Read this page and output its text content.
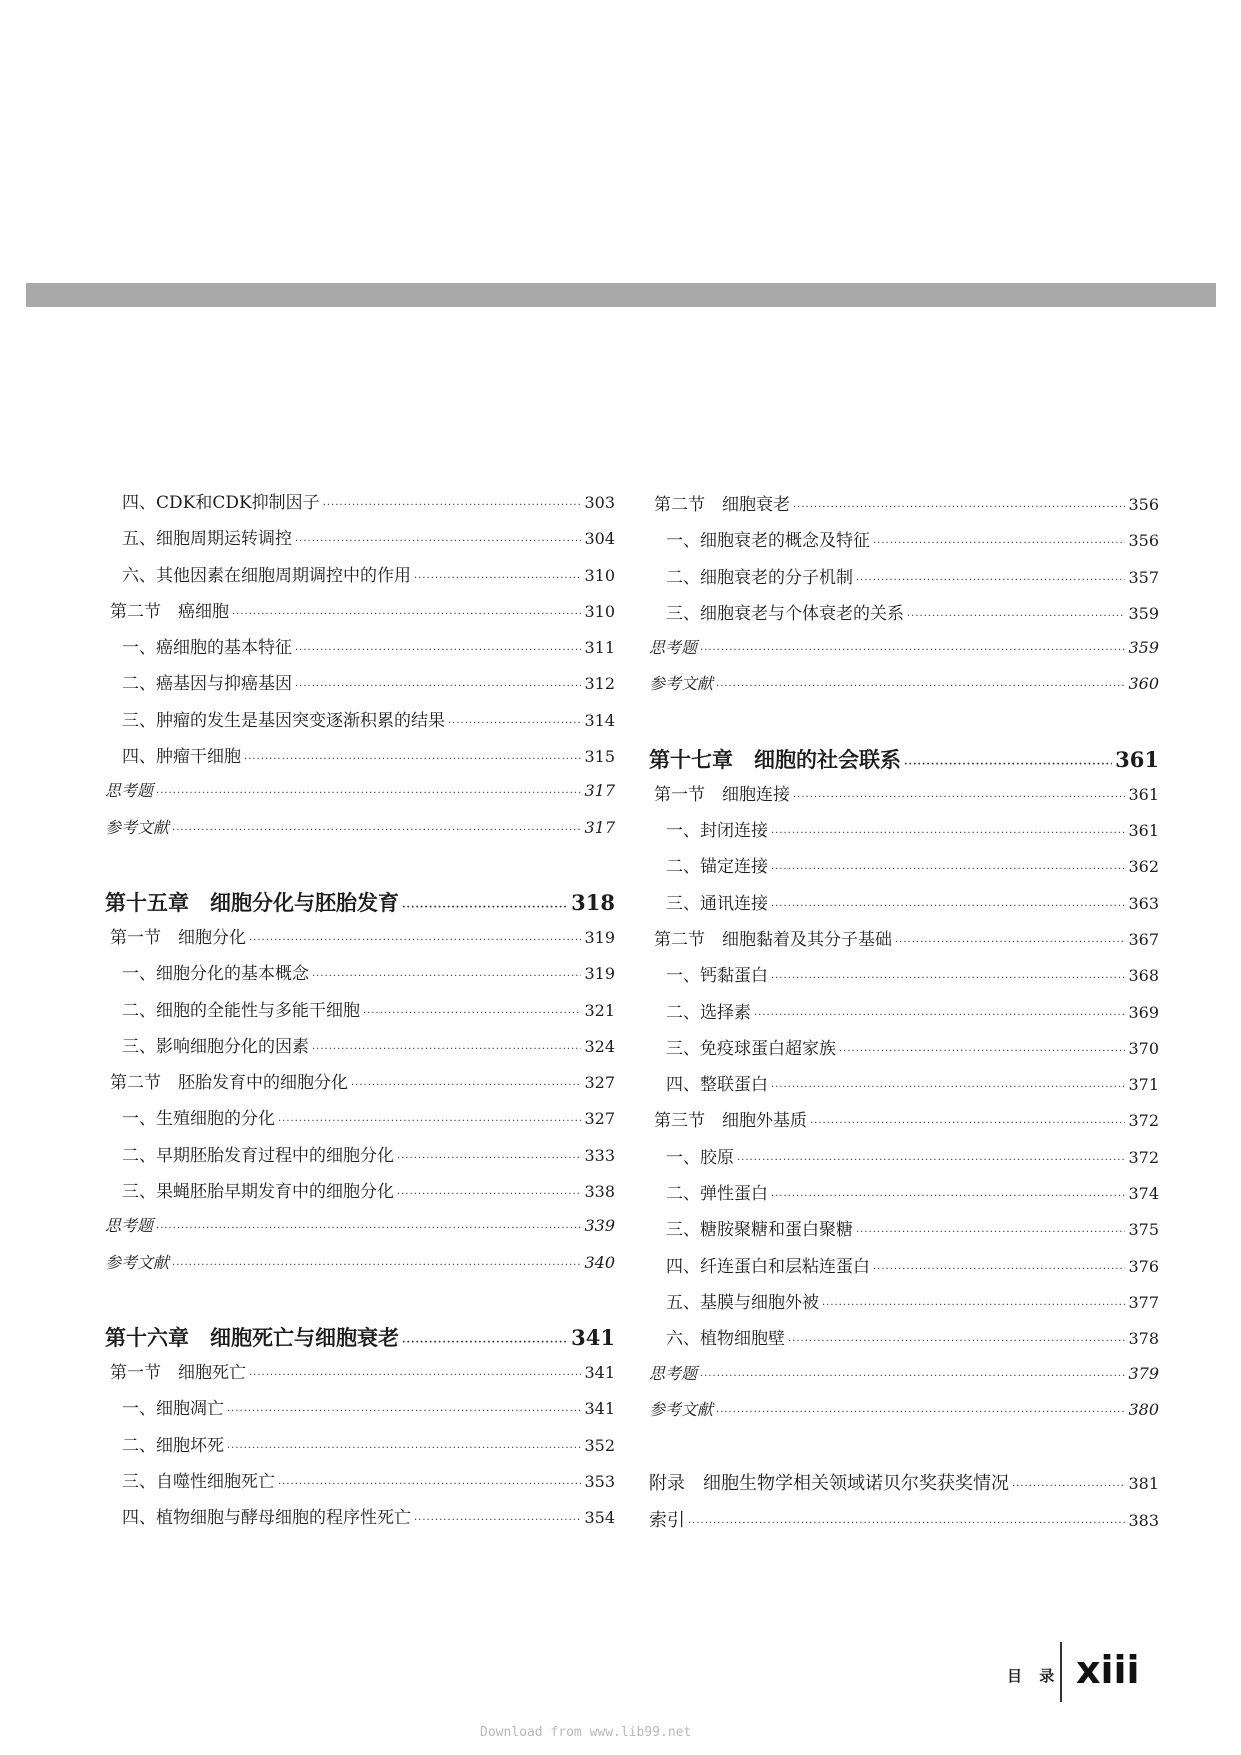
四、CDK和CDK抑制因子 ·····	303
五、细胞周期运转调控 ·····	304
六、其他因素在细胞周期调控中的作用 ·····	310
第二节　癌细胞 ·····	310
一、癌细胞的基本特征 ·····	311
二、癌基因与抑癌基因 ·····	312
三、肿瘤的发生是基因突变逐渐积累的结果 ·····	314
四、肿瘤干细胞 ·····	315
思考题 ·····	317
参考文献 ·····	317
第十五章　细胞分化与胚胎发育 ·····	318
第一节　细胞分化 ·····	319
一、细胞分化的基本概念 ·····	319
二、细胞的全能性与多能干细胞 ·····	321
三、影响细胞分化的因素 ·····	324
第二节　胚胎发育中的细胞分化 ·····	327
一、生殖细胞的分化 ·····	327
二、早期胚胎发育过程中的细胞分化 ·····	333
三、果蝇胚胎早期发育中的细胞分化 ·····	338
思考题 ·····	339
参考文献 ·····	340
第十六章　细胞死亡与细胞衰老 ·····	341
第一节　细胞死亡 ·····	341
一、细胞凋亡 ·····	341
二、细胞坏死 ·····	352
三、自噬性细胞死亡 ·····	353
四、植物细胞与酵母细胞的程序性死亡 ·····	354
第二节　细胞衰老 ·····	356
一、细胞衰老的概念及特征 ·····	356
二、细胞衰老的分子机制 ·····	357
三、细胞衰老与个体衰老的关系 ·····	359
思考题 ·····	359
参考文献 ·····	360
第十七章　细胞的社会联系 ·····	361
第一节　细胞连接 ·····	361
一、封闭连接 ·····	361
二、锚定连接 ·····	362
三、通讯连接 ·····	363
第二节　细胞黏着及其分子基础 ·····	367
一、钙黏蛋白 ·····	368
二、选择素 ·····	369
三、免疫球蛋白超家族 ·····	370
四、整联蛋白 ·····	371
第三节　细胞外基质 ·····	372
一、胶原 ·····	372
二、弹性蛋白 ·····	374
三、糖胺聚糖和蛋白聚糖 ·····	375
四、纤连蛋白和层粘连蛋白 ·····	376
五、基膜与细胞外被 ·····	377
六、植物细胞壁 ·····	378
思考题 ·····	379
参考文献 ·····	380
附录　细胞生物学相关领域诺贝尔奖获奖情况 ·····	381
索引 ·····	383
目 录 xiii
Download from www.lib99.net
